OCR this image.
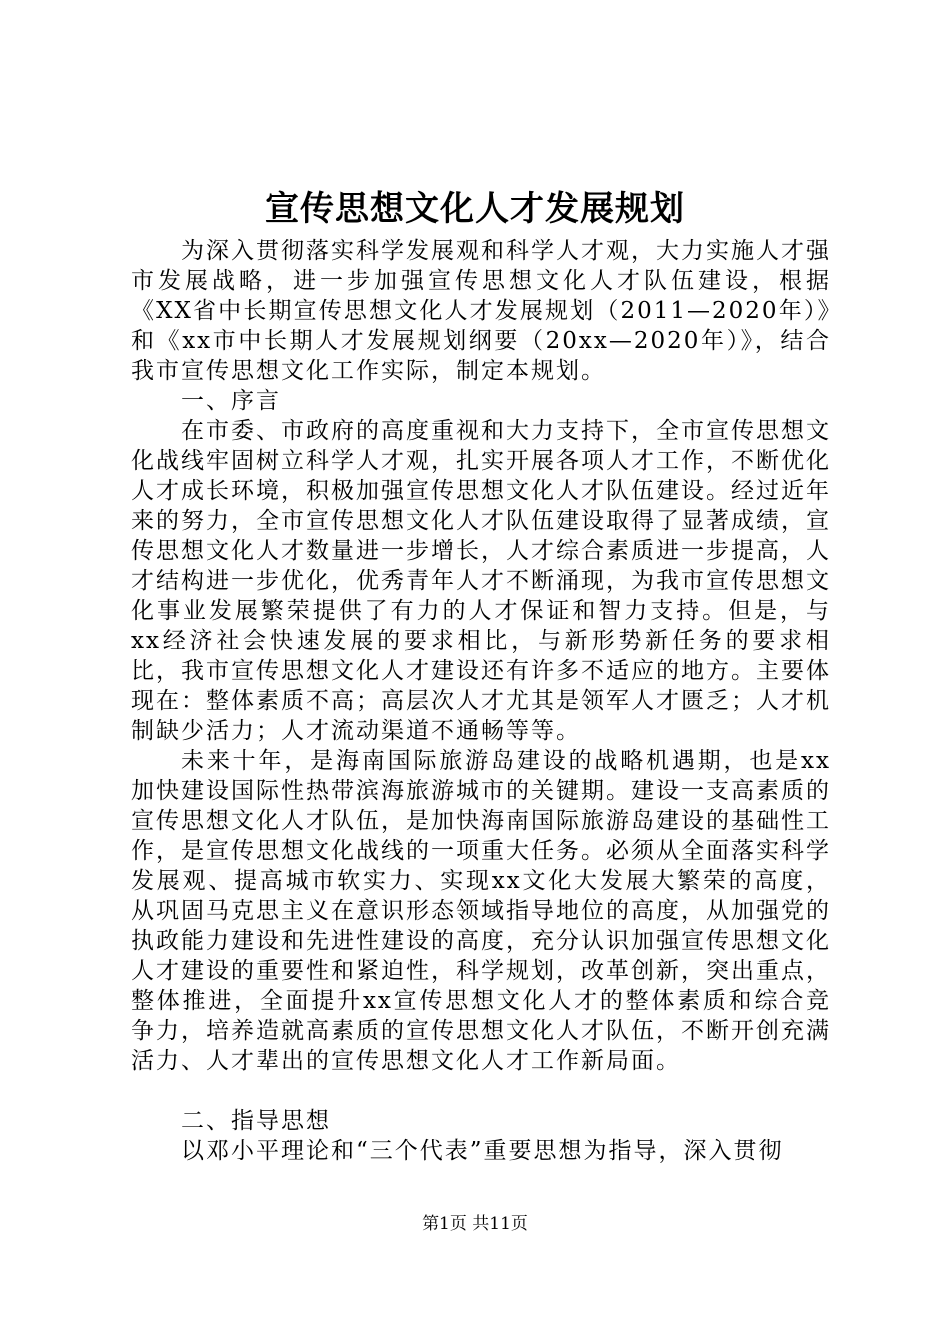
宣传思想文化人才发展规划

为深入贯彻落实科学发展观和科学人才观，大力实施人才强市发展战略，进一步加强宣传思想文化人才队伍建设，根据《XX省中长期宣传思想文化人才发展规划（2011—2020年）》和《xx市中长期人才发展规划纲要（20xx—2020年）》，结合我市宣传思想文化工作实际，制定本规划。

一、序言

在市委、市政府的高度重视和大力支持下，全市宣传思想文化战线牢固树立科学人才观，扎实开展各项人才工作，不断优化人才成长环境，积极加强宣传思想文化人才队伍建设。经过近年来的努力，全市宣传思想文化人才队伍建设取得了显著成绩，宣传思想文化人才数量进一步增长，人才综合素质进一步提高，人才结构进一步优化，优秀青年人才不断涌现，为我市宣传思想文化事业发展繁荣提供了有力的人才保证和智力支持。但是，与xx经济社会快速发展的要求相比，与新形势新任务的要求相比，我市宣传思想文化人才建设还有许多不适应的地方。主要体现在：整体素质不高；高层次人才尤其是领军人才匮乏；人才机制缺少活力；人才流动渠道不通畅等等。

未来十年，是海南国际旅游岛建设的战略机遇期，也是xx加快建设国际性热带滨海旅游城市的关键期。建设一支高素质的宣传思想文化人才队伍，是加快海南国际旅游岛建设的基础性工作，是宣传思想文化战线的一项重大任务。必须从全面落实科学发展观、提高城市软实力、实现xx文化大发展大繁荣的高度，从巩固马克思主义在意识形态领域指导地位的高度，从加强党的执政能力建设和先进性建设的高度，充分认识加强宣传思想文化人才建设的重要性和紧迫性，科学规划，改革创新，突出重点，整体推进，全面提升xx宣传思想文化人才的整体素质和综合竞争力，培养造就高素质的宣传思想文化人才队伍，不断开创充满活力、人才辈出的宣传思想文化人才工作新局面。

二、指导思想

以邓小平理论和“三个代表”重要思想为指导，深入贯彻

第1页 共11页
